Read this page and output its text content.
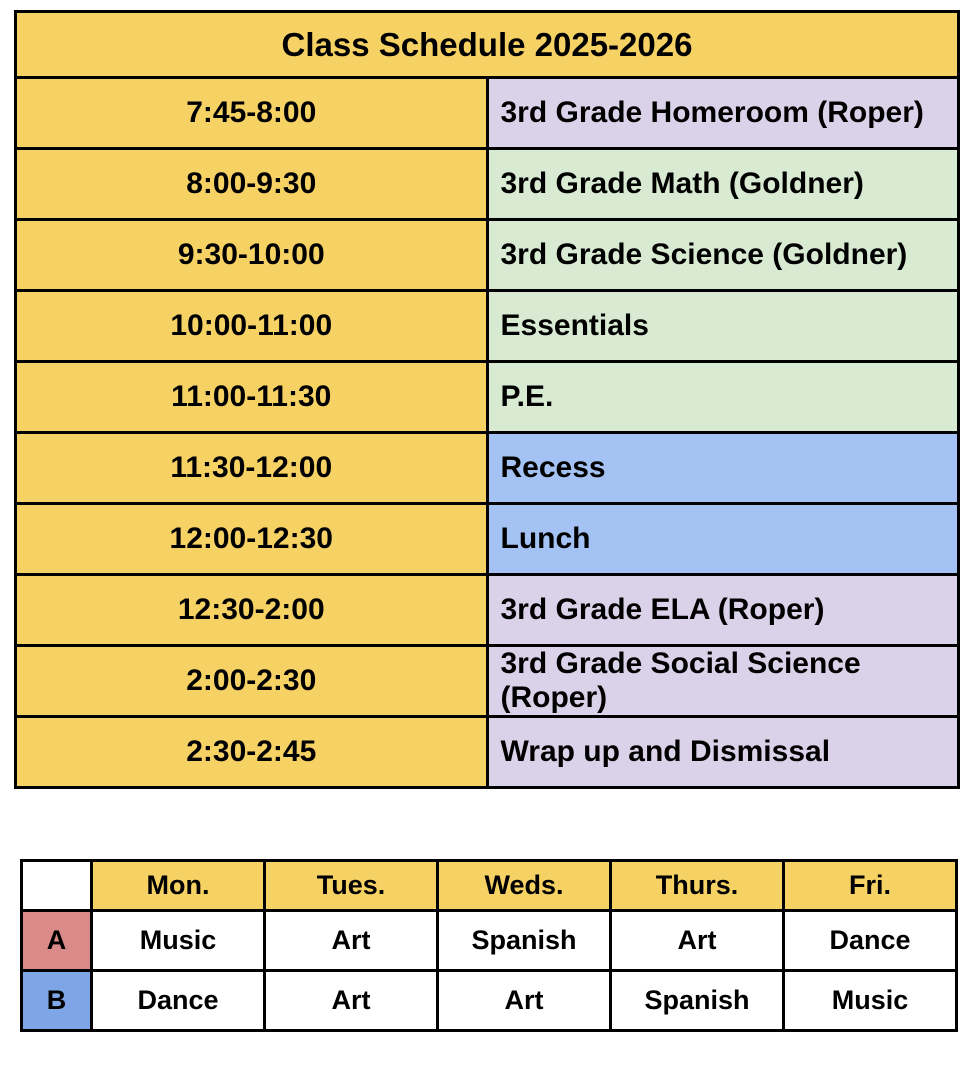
Class Schedule 2025-2026	
7:45-8:00	3rd Grade Homeroom (Roper)
8:00-9:30	3rd Grade Math (Goldner)
9:30-10:00	3rd Grade Science (Goldner)
10:00-11:00	Essentials
11:00-11:30	P.E.
11:30-12:00	Recess
12:00-12:30	Lunch
12:30-2:00	3rd Grade ELA (Roper)
2:00-2:30	3rd Grade Social Science (Roper)
2:30-2:45	Wrap up and Dismissal
	Mon.	Tues.	Weds.	Thurs.	Fri.
A	Music	Art	Spanish	Art	Dance
B	Dance	Art	Art	Spanish	Music
